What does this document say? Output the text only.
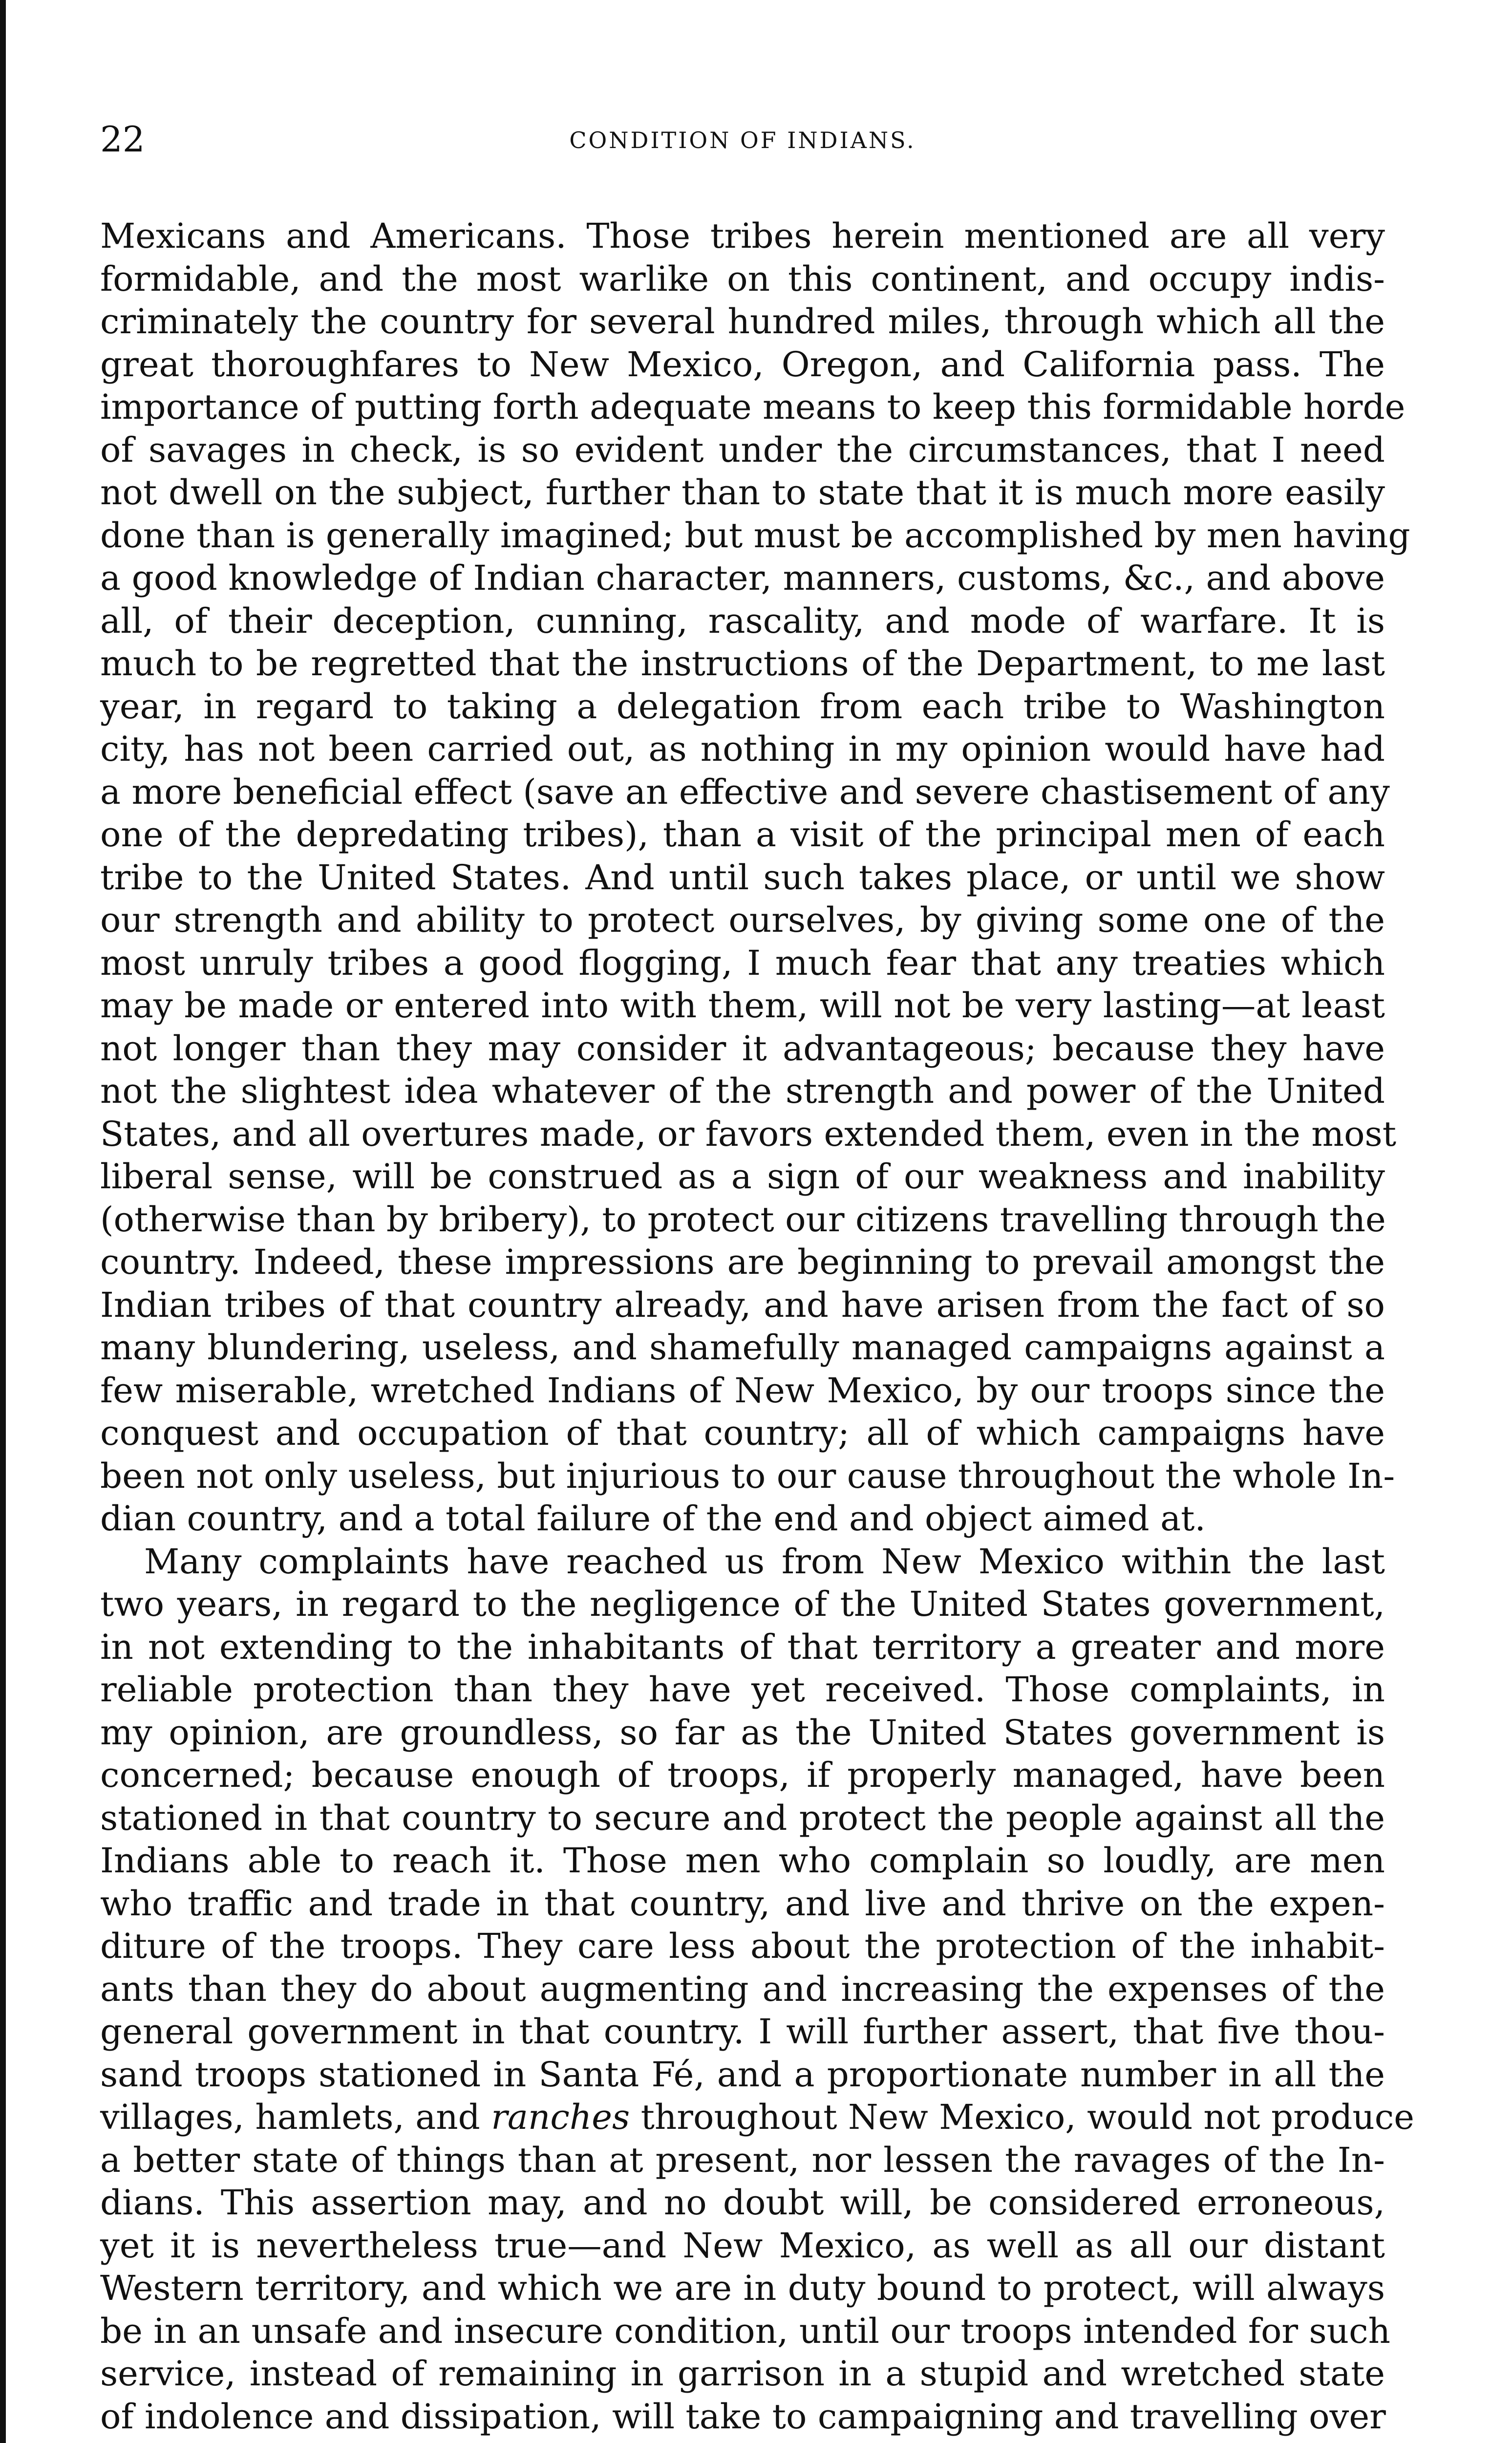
22	CONDITION OF INDIANS.
Mexicans and Americans. Those tribes herein mentioned are all very
formidable, and the most warlike on this continent, and occupy indis-
criminately the country for several hundred miles, through which all the
great thoroughfares to New Mexico, Oregon, and California pass. The
importance of putting forth adequate means to keep this formidable horde
of savages in check, is so evident under the circumstances, that I need
not dwell on the subject, further than to state that it is much more easily
done than is generally imagined; but must be accomplished by men having
a good knowledge of Indian character, manners, customs, &c., and above
all, of their deception, cunning, rascality, and mode of warfare. It is
much to be regretted that the instructions of the Department, to me last
year, in regard to taking a delegation from each tribe to Washington
city, has not been carried out, as nothing in my opinion would have had
a more beneficial effect (save an effective and severe chastisement of any
one of the depredating tribes), than a visit of the principal men of each
tribe to the United States. And until such takes place, or until we show
our strength and ability to protect ourselves, by giving some one of the
most unruly tribes a good flogging, I much fear that any treaties which
may be made or entered into with them, will not be very lasting—at least
not longer than they may consider it advantageous; because they have
not the slightest idea whatever of the strength and power of the United
States, and all overtures made, or favors extended them, even in the most
liberal sense, will be construed as a sign of our weakness and inability
(otherwise than by bribery), to protect our citizens travelling through the
country. Indeed, these impressions are beginning to prevail amongst the
Indian tribes of that country already, and have arisen from the fact of so
many blundering, useless, and shamefully managed campaigns against a
few miserable, wretched Indians of New Mexico, by our troops since the
conquest and occupation of that country; all of which campaigns have
been not only useless, but injurious to our cause throughout the whole In-
dian country, and a total failure of the end and object aimed at.
Many complaints have reached us from New Mexico within the last
two years, in regard to the negligence of the United States government,
in not extending to the inhabitants of that territory a greater and more
reliable protection than they have yet received. Those complaints, in
my opinion, are groundless, so far as the United States government is
concerned; because enough of troops, if properly managed, have been
stationed in that country to secure and protect the people against all the
Indians able to reach it. Those men who complain so loudly, are men
who traffic and trade in that country, and live and thrive on the expen-
diture of the troops. They care less about the protection of the inhabit-
ants than they do about augmenting and increasing the expenses of the
general government in that country. I will further assert, that five thou-
sand troops stationed in Santa Fé, and a proportionate number in all the
villages, hamlets, and ranches throughout New Mexico, would not produce
a better state of things than at present, nor lessen the ravages of the In-
dians. This assertion may, and no doubt will, be considered erroneous,
yet it is nevertheless true—and New Mexico, as well as all our distant
Western territory, and which we are in duty bound to protect, will always
be in an unsafe and insecure condition, until our troops intended for such
service, instead of remaining in garrison in a stupid and wretched state
of indolence and dissipation, will take to campaigning and travelling over
